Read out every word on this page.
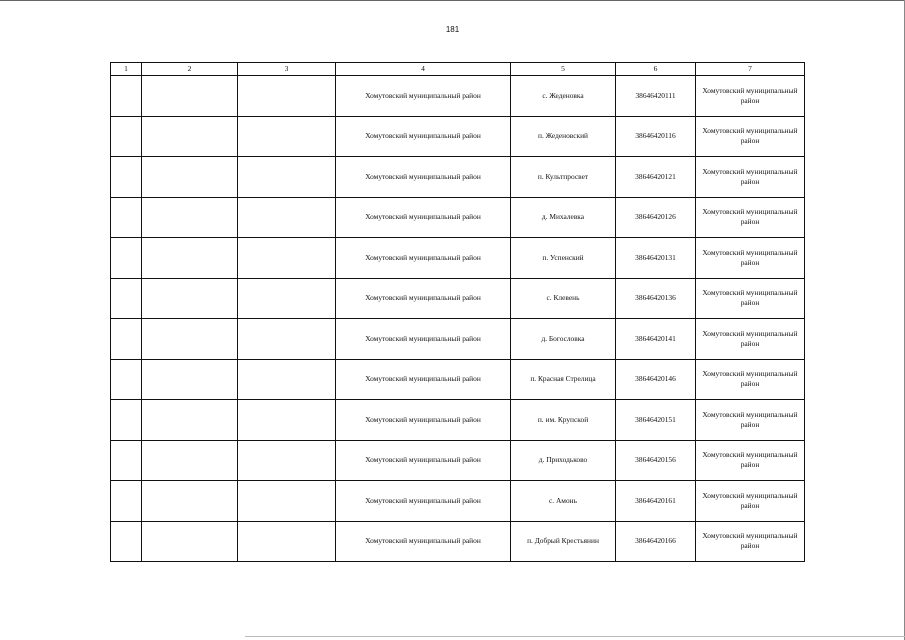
181
1	2	3	4	5	6	7
			Хомутовский муниципальный район	с. Жеденовка	38646420111	Хомутовский муниципальный район
			Хомутовский муниципальный район	п. Жеденовский	38646420116	Хомутовский муниципальный район
			Хомутовский муниципальный район	п. Культпросвет	38646420121	Хомутовский муниципальный район
			Хомутовский муниципальный район	д. Михалевка	38646420126	Хомутовский муниципальный район
			Хомутовский муниципальный район	п. Успенский	38646420131	Хомутовский муниципальный район
			Хомутовский муниципальный район	с. Клевень	38646420136	Хомутовский муниципальный район
			Хомутовский муниципальный район	д. Богословка	38646420141	Хомутовский муниципальный район
			Хомутовский муниципальный район	п. Красная Стрелица	38646420146	Хомутовский муниципальный район
			Хомутовский муниципальный район	п. им. Крупской	38646420151	Хомутовский муниципальный район
			Хомутовский муниципальный район	д. Приходьково	38646420156	Хомутовский муниципальный район
			Хомутовский муниципальный район	с. Амонь	38646420161	Хомутовский муниципальный район
			Хомутовский муниципальный район	п. Добрый Крестьянин	38646420166	Хомутовский муниципальный район
